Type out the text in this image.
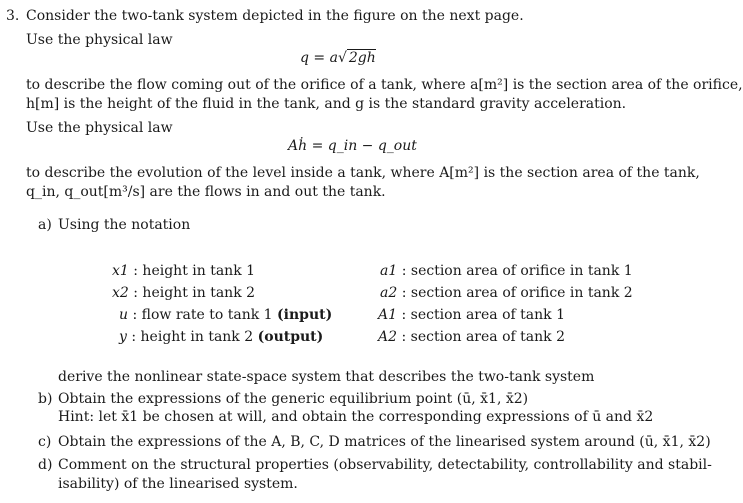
3. Consider the two-tank system depicted in the figure on the next page.
Use the physical law
q = a√ 2gh
to describe the flow coming out of the orifice of a tank, where a[m²] is the section area of the orifice,
h[m] is the height of the fluid in the tank, and g is the standard gravity acceleration.
Use the physical law
Aḣ = q_in − q_out
to describe the evolution of the level inside a tank, where A[m²] is the section area of the tank,
q_in, q_out[m³/s] are the flows in and out the tank.
a) Using the notation
x1 : height in tank 1
x2 : height in tank 2
u : flow rate to tank 1 (input)
y : height in tank 2 (output)
a1 : section area of orifice in tank 1
a2 : section area of orifice in tank 2
A1 : section area of tank 1
A2 : section area of tank 2
derive the nonlinear state-space system that describes the two-tank system
b) Obtain the expressions of the generic equilibrium point (ū, x̄1, x̄2)
Hint: let x̄1 be chosen at will, and obtain the corresponding expressions of ū and x̄2
c) Obtain the expressions of the A, B, C, D matrices of the linearised system around (ū, x̄1, x̄2)
d) Comment on the structural properties (observability, detectability, controllability and stabil-
isability) of the linearised system.
